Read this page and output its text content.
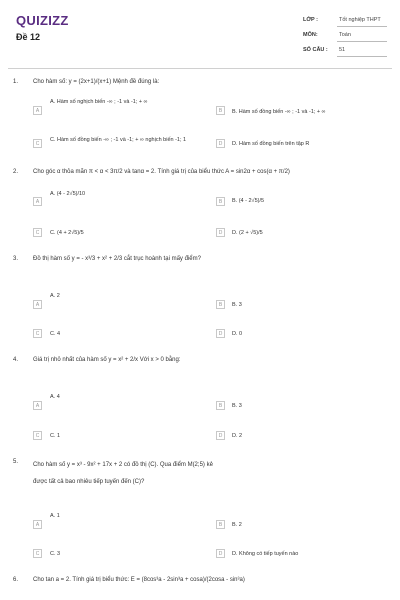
QUIZIZZ
Đề 12
LỚP :	Tốt nghiệp THPT
MÔN:	Toán
SỐ CÂU : 51
1. Cho hàm số: y = (2x+1)/(x+1) Mệnh đề đúng là:
A
A. Hàm số nghịch biến -∞ ; -1 và -1; + ∞
B	B. Hàm số đồng biến -∞ ; -1 và -1; + ∞
C
C. Hàm số đồng biến -∞ ; -1 và -1; + ∞ nghịch biến -1; 1
D	D. Hàm số đồng biến trên tập R
2. Cho góc α thỏa mãn π < α < 3π/2 và tanα = 2. Tính giá trị của biểu thức A = sin2α + cos(α + π/2)
A
A. (4 - 2√5)/10
B	B. (4 - 2√5)/5
C	C. (4 + 2√5)/5	D	D. (2 + √5)/5
3. Đồ thị hàm số y = - x³/3 + x² + 2/3 cắt trục hoành tại mấy điểm?
A
A. 2
B	B. 3
C	C. 4	D	D. 0
4. Giá trị nhỏ nhất của hàm số y = x² + 2/x Với x > 0 bằng:
A
A. 4
B	B. 3
C	C. 1	D	D. 2
5. Cho hàm số y = x³ - 9x² + 17x + 2 có đồ thị (C). Qua điểm M(2;5) kẻ được tất cả bao nhiêu tiếp tuyến đến (C)?
A
A. 1
B	B. 2
C	C. 3	D	D. Không có tiếp tuyến nào
6. Cho tan a = 2. Tính giá trị biểu thức: E = (8cos³a - 2sin³a + cosa)/(2cosa - sin³a)
